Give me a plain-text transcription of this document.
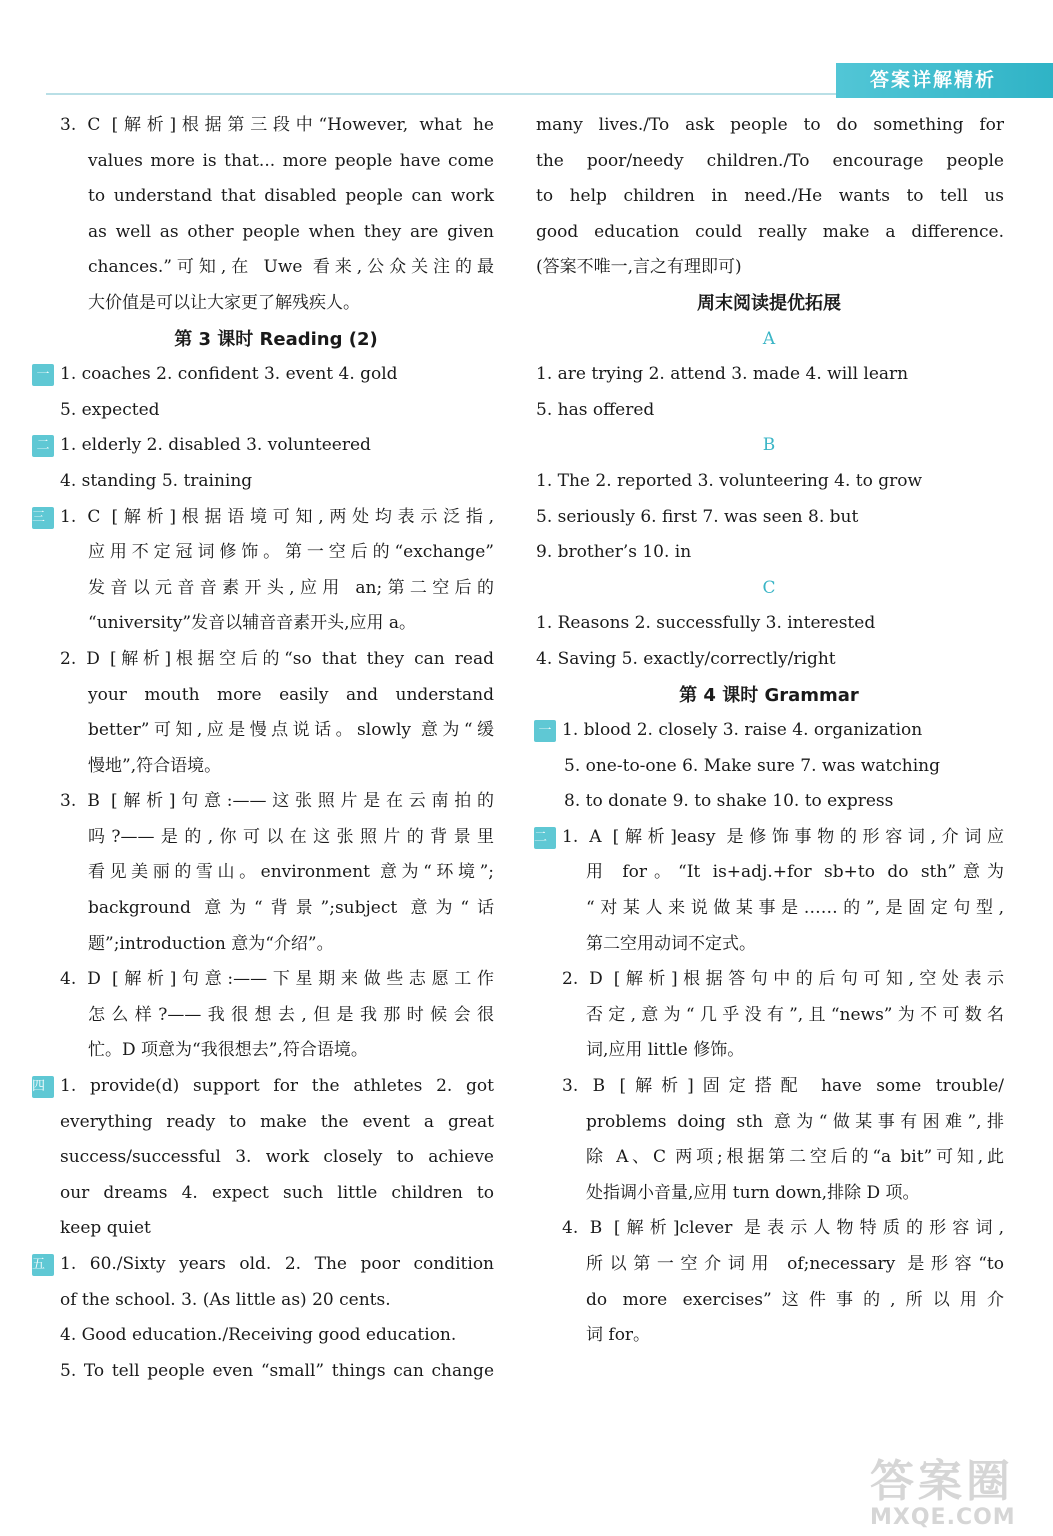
答案详解精析
3. C [解析]根据第三段中“However, what he
values more is that... more people have come
to understand that disabled people can work
as well as other people when they are given
chances.”可知,在 Uwe 看来,公众关注的最
大价值是可以让大家更了解残疾人。
第 3 课时 Reading (2)
一 1. coaches 2. confident 3. event 4. gold
5. expected
二 1. elderly 2. disabled 3. volunteered
4. standing 5. training
三 1. C [解析]根据语境可知,两处均表示泛指,
应用不定冠词修饰。第一空后的“exchange”
发音以元音音素开头,应用 an;第二空后的
“university”发音以辅音音素开头,应用 a。
2. D [解析]根据空后的“so that they can read
your mouth more easily and understand
better”可知,应是慢点说话。slowly 意为“缓
慢地”,符合语境。
3. B [解析]句意:——这张照片是在云南拍的
吗?——是的,你可以在这张照片的背景里
看见美丽的雪山。environment 意为“环境”;
background 意为“背景”;subject 意为“话
题”;introduction 意为“介绍”。
4. D [解析]句意:——下星期来做些志愿工作
怎么样?——我很想去,但是我那时候会很
忙。D 项意为“我很想去”,符合语境。
四 1. provide(d) support for the athletes 2. got
everything ready to make the event a great
success/successful 3. work closely to achieve
our dreams 4. expect such little children to
keep quiet
五 1. 60./Sixty years old. 2. The poor condition
of the school. 3. (As little as) 20 cents.
4. Good education./Receiving good education.
5. To tell people even “small” things can change
many lives./To ask people to do something for
the poor/needy children./To encourage people
to help children in need./He wants to tell us
good education could really make a difference.
(答案不唯一,言之有理即可)
周末阅读提优拓展
A
1. are trying 2. attend 3. made 4. will learn
5. has offered
B
1. The 2. reported 3. volunteering 4. to grow
5. seriously 6. first 7. was seen 8. but
9. brother’s 10. in
C
1. Reasons 2. successfully 3. interested
4. Saving 5. exactly/correctly/right
第 4 课时 Grammar
一 1. blood 2. closely 3. raise 4. organization
5. one-to-one 6. Make sure 7. was watching
8. to donate 9. to shake 10. to express
二 1. A [解析]easy 是修饰事物的形容词,介词应
用 for。“It is+adj.+for sb+to do sth”意为
“对某人来说做某事是……的”,是固定句型,
第二空用动词不定式。
2. D [解析]根据答句中的后句可知,空处表示
否定,意为“几乎没有”,且“news”为不可数名
词,应用 little 修饰。
3. B [解析]固定搭配 have some trouble/
problems doing sth 意为“做某事有困难”,排
除 A、C 两项;根据第二空后的“a bit”可知,此
处指调小音量,应用 turn down,排除 D 项。
4. B [解析]clever 是表示人物特质的形容词,
所以第一空介词用 of;necessary 是形容“to
do more exercises”这件事的,所以用介
词 for。
答案圈
MXQE.COM
